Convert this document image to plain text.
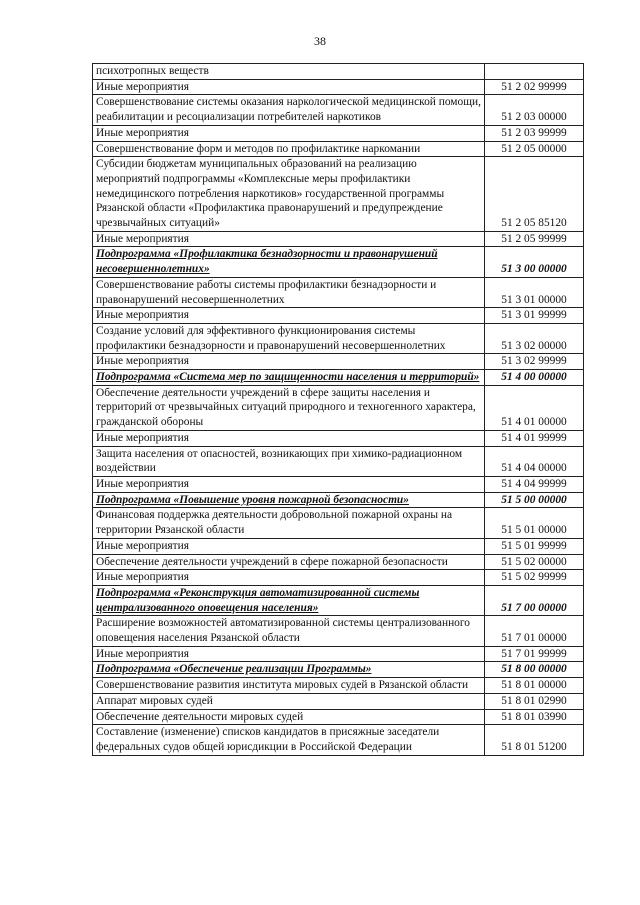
38
психотропных веществ	
Иные мероприятия	51 2 02 99999
Совершенствование системы оказания наркологической медицинской помощи, реабилитации и ресоциализации потребителей наркотиков	51 2 03 00000
Иные мероприятия	51 2 03 99999
Совершенствование форм и методов по профилактике наркомании	51 2 05 00000
Субсидии бюджетам муниципальных образований на реализацию мероприятий подпрограммы «Комплексные меры профилактики немедицинского потребления наркотиков» государственной программы Рязанской области «Профилактика правонарушений и предупреждение чрезвычайных ситуаций»	51 2 05 85120
Иные мероприятия	51 2 05 99999
Подпрограмма «Профилактика безнадзорности и правонарушений несовершеннолетних»	51 3 00 00000
Совершенствование работы системы профилактики безнадзорности и правонарушений несовершеннолетних	51 3 01 00000
Иные мероприятия	51 3 01 99999
Создание условий для эффективного функционирования системы профилактики безнадзорности и правонарушений несовершеннолетних	51 3 02 00000
Иные мероприятия	51 3 02 99999
Подпрограмма «Система мер по защищенности населения и территорий»	51 4 00 00000
Обеспечение деятельности учреждений в сфере защиты населения и территорий от чрезвычайных ситуаций природного и техногенного характера, гражданской обороны	51 4 01 00000
Иные мероприятия	51 4 01 99999
Защита населения от опасностей, возникающих при химико-радиационном воздействии	51 4 04 00000
Иные мероприятия	51 4 04 99999
Подпрограмма «Повышение уровня пожарной безопасности»	51 5 00 00000
Финансовая поддержка деятельности добровольной пожарной охраны на территории Рязанской области	51 5 01 00000
Иные мероприятия	51 5 01 99999
Обеспечение деятельности учреждений в сфере пожарной безопасности	51 5 02 00000
Иные мероприятия	51 5 02 99999
Подпрограмма «Реконструкция автоматизированной системы централизованного оповещения населения»	51 7 00 00000
Расширение возможностей автоматизированной системы централизованного оповещения населения Рязанской области	51 7 01 00000
Иные мероприятия	51 7 01 99999
Подпрограмма «Обеспечение реализации Программы»	51 8 00 00000
Совершенствование развития института мировых судей в Рязанской области	51 8 01 00000
Аппарат мировых судей	51 8 01 02990
Обеспечение деятельности мировых судей	51 8 01 03990
Составление (изменение) списков кандидатов в присяжные заседатели федеральных судов общей юрисдикции в Российской Федерации	51 8 01 51200
